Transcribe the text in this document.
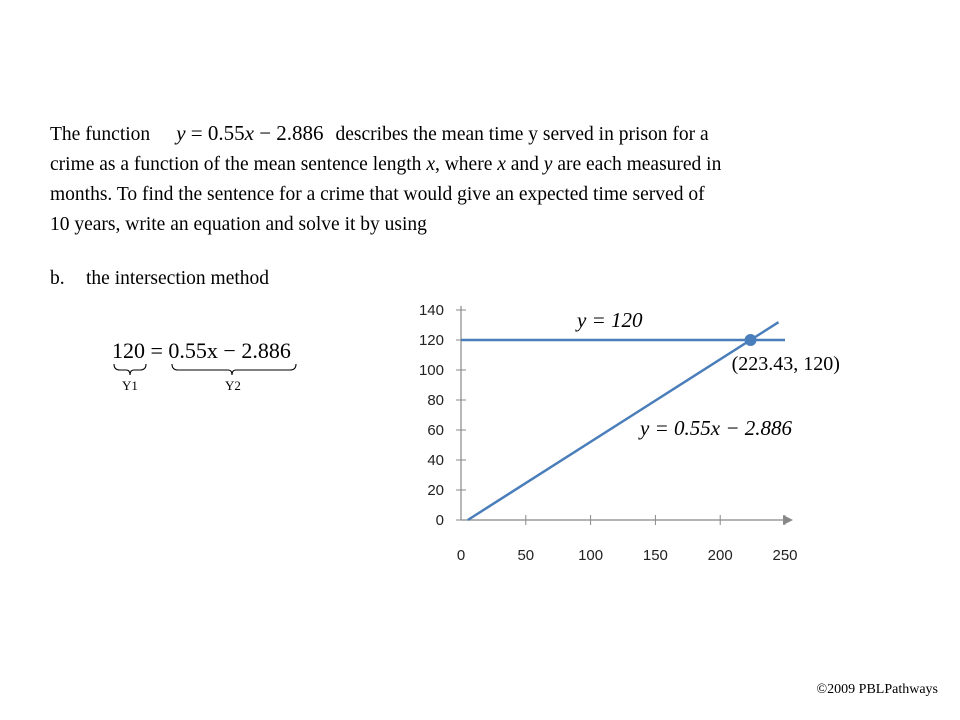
The function y = 0.55x − 2.886 describes the mean time y served in prison for a
crime as a function of the mean sentence length x, where x and y are each measured in
months. To find the sentence for a crime that would give an expected time served of
10 years, write an equation and solve it by using
b. the intersection method
120 = 0.55x − 2.886
Y1	Y2
0
20
40
60
80
100
120
140
0	50	100	150	200	250
(223.43, 120)
y = 120
y = 0.55x − 2.886
©2009 PBLPathways
